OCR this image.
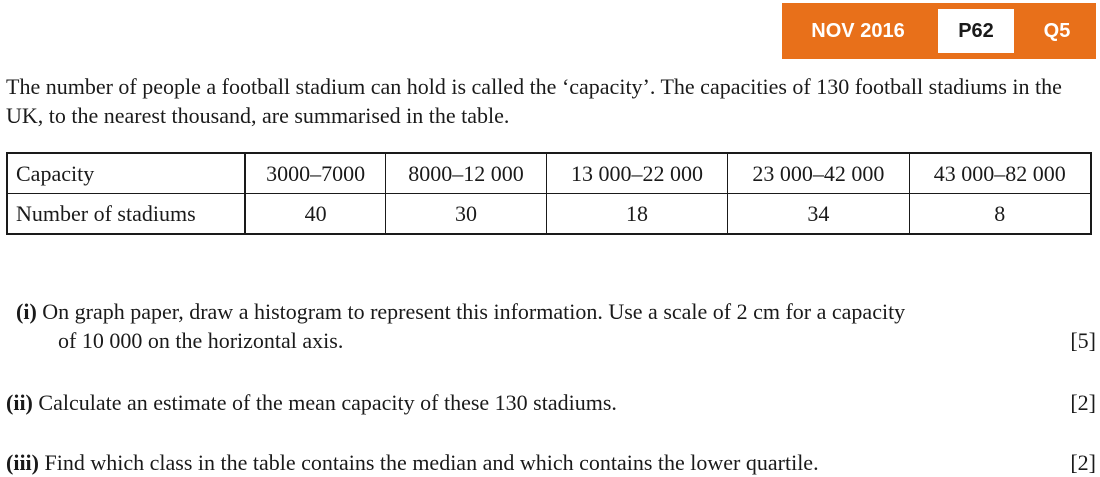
NOV 2016	P62	Q5

The number of people a football stadium can hold is called the ‘capacity’. The capacities of 130 football stadiums in the UK, to the nearest thousand, are summarised in the table.

Capacity	3000–7000	8000–12 000	13 000–22 000	23 000–42 000	43 000–82 000
Number of stadiums	40	30	18	34	8
(i) On graph paper, draw a histogram to represent this information. Use a scale of 2 cm for a capacity
of 10 000 on the horizontal axis.	[5]
(ii) Calculate an estimate of the mean capacity of these 130 stadiums.	[2]
(iii) Find which class in the table contains the median and which contains the lower quartile.	[2]
